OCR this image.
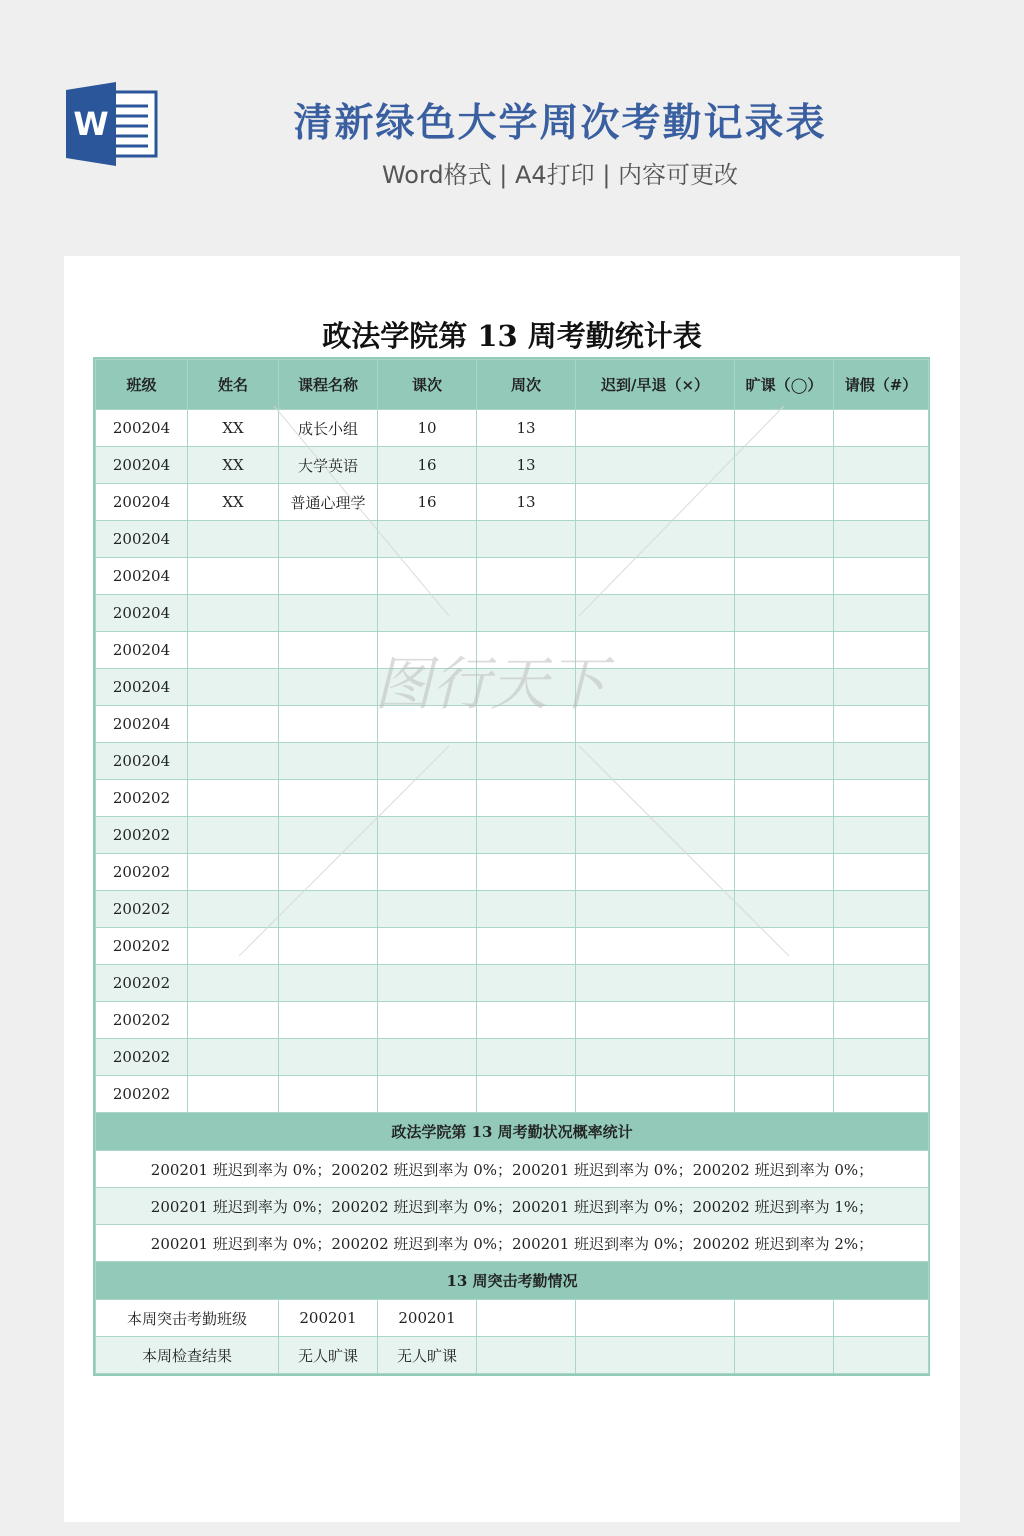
W	清新绿色大学周次考勤记录表
Word格式 | A4打印 | 内容可更改
政法学院第 13 周考勤统计表
班级	姓名	课程名称	课次	周次	迟到/早退（×）	旷课（◯）	请假（#）
200204	XX	成长小组	10	13			
200204	XX	大学英语	16	13			
200204	XX	普通心理学	16	13			
200204							
200204							
200204							
200204							
200204							
200204							
200204							
200202							
200202							
200202							
200202							
200202							
200202							
200202							
200202							
200202							
政法学院第 13 周考勤状况概率统计							
200201 班迟到率为 0%；200202 班迟到率为 0%；200201 班迟到率为 0%；200202 班迟到率为 0%；							
200201 班迟到率为 0%；200202 班迟到率为 0%；200201 班迟到率为 0%；200202 班迟到率为 1%；							
200201 班迟到率为 0%；200202 班迟到率为 0%；200201 班迟到率为 0%；200202 班迟到率为 2%；							
13 周突击考勤情况							
本周突击考勤班级		200201	200201				
本周检查结果		无人旷课	无人旷课				
图行天下
